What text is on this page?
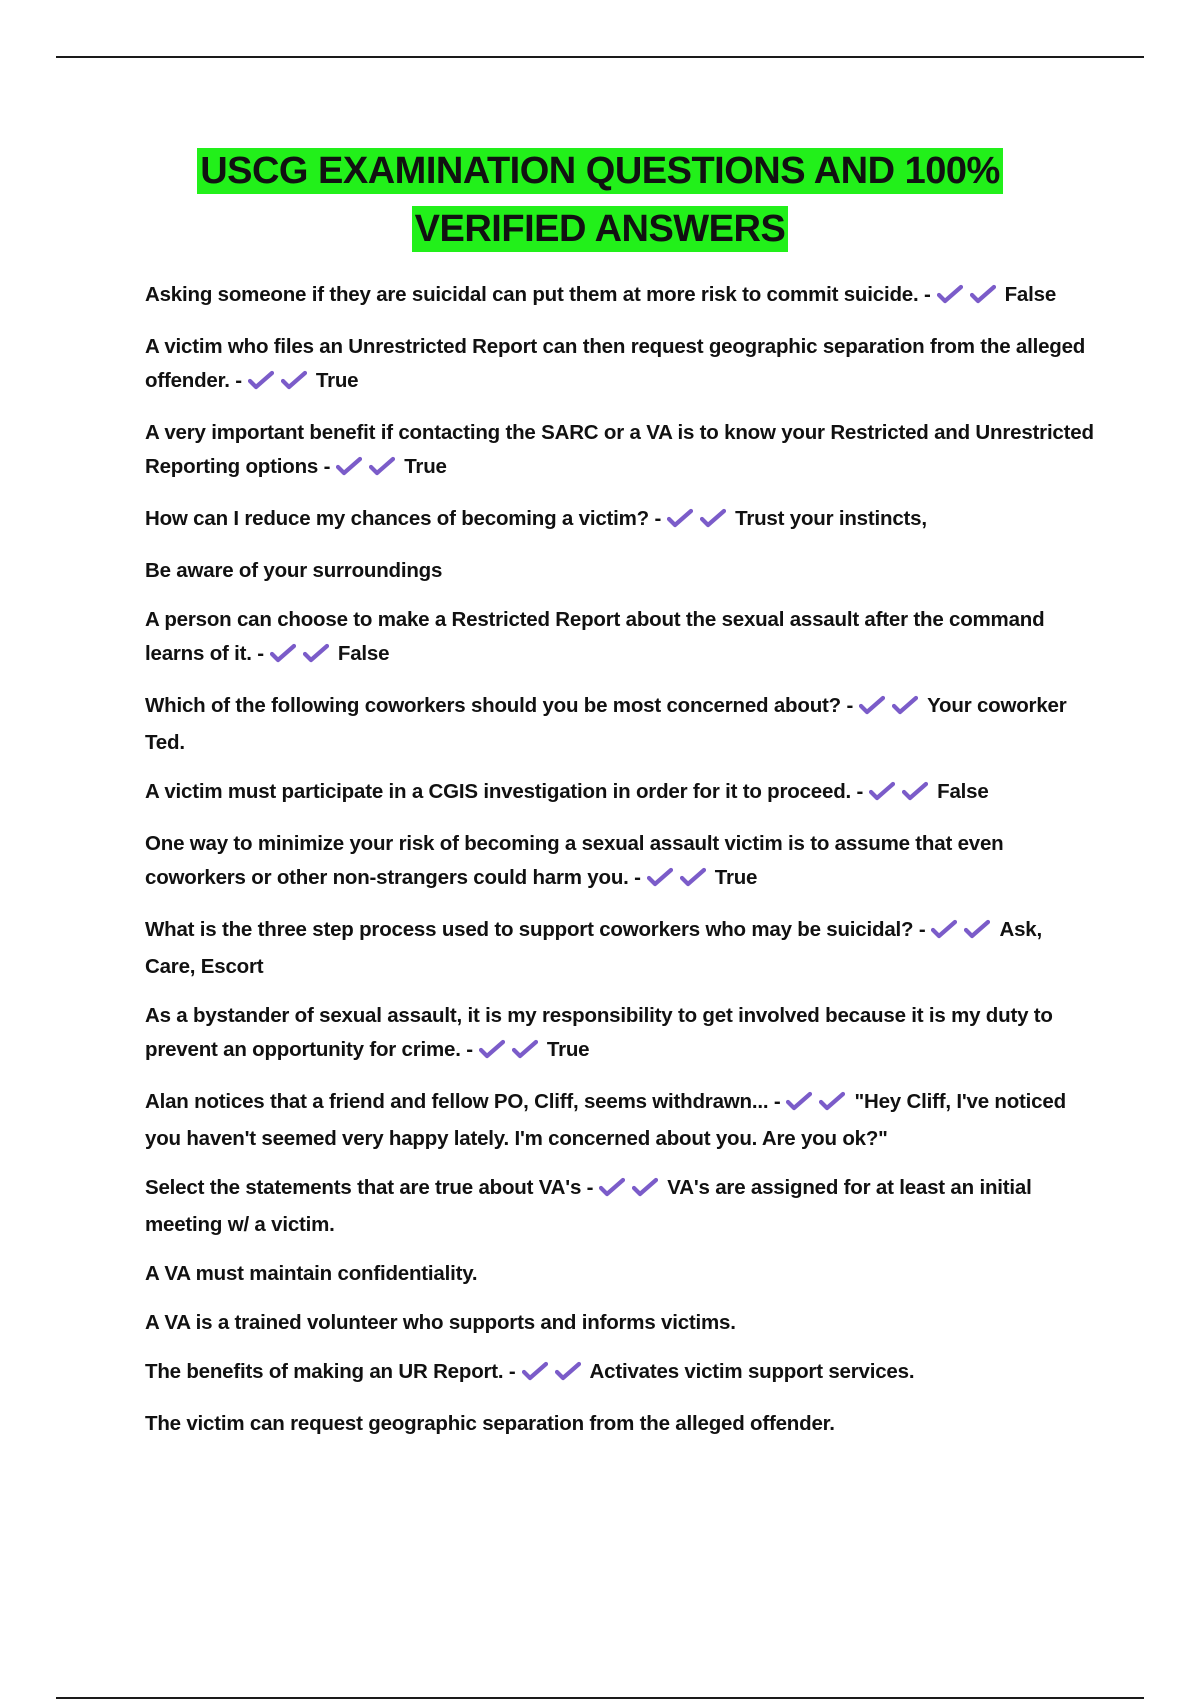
USCG EXAMINATION QUESTIONS AND 100%
VERIFIED ANSWERS

Asking someone if they are suicidal can put them at more risk to commit suicide. -	False

A victim who files an Unrestricted Report can then request geographic separation from the alleged offender. -	True

A very important benefit if contacting the SARC or a VA is to know your Restricted and Unrestricted Reporting options -	True

How can I reduce my chances of becoming a victim? -	Trust your instincts,

Be aware of your surroundings

A person can choose to make a Restricted Report about the sexual assault after the command learns of it. -	False

Which of the following coworkers should you be most concerned about? -	Your coworker Ted.

A victim must participate in a CGIS investigation in order for it to proceed. -	False

One way to minimize your risk of becoming a sexual assault victim is to assume that even coworkers or other non-strangers could harm you. -	True

What is the three step process used to support coworkers who may be suicidal? -	Ask, Care, Escort

As a bystander of sexual assault, it is my responsibility to get involved because it is my duty to prevent an opportunity for crime. -	True

Alan notices that a friend and fellow PO, Cliff, seems withdrawn... -	"Hey Cliff, I've noticed you haven't seemed very happy lately. I'm concerned about you. Are you ok?"

Select the statements that are true about VA's -	VA's are assigned for at least an initial meeting w/ a victim.

A VA must maintain confidentiality.

A VA is a trained volunteer who supports and informs victims.

The benefits of making an UR Report. -	Activates victim support services.

The victim can request geographic separation from the alleged offender.
